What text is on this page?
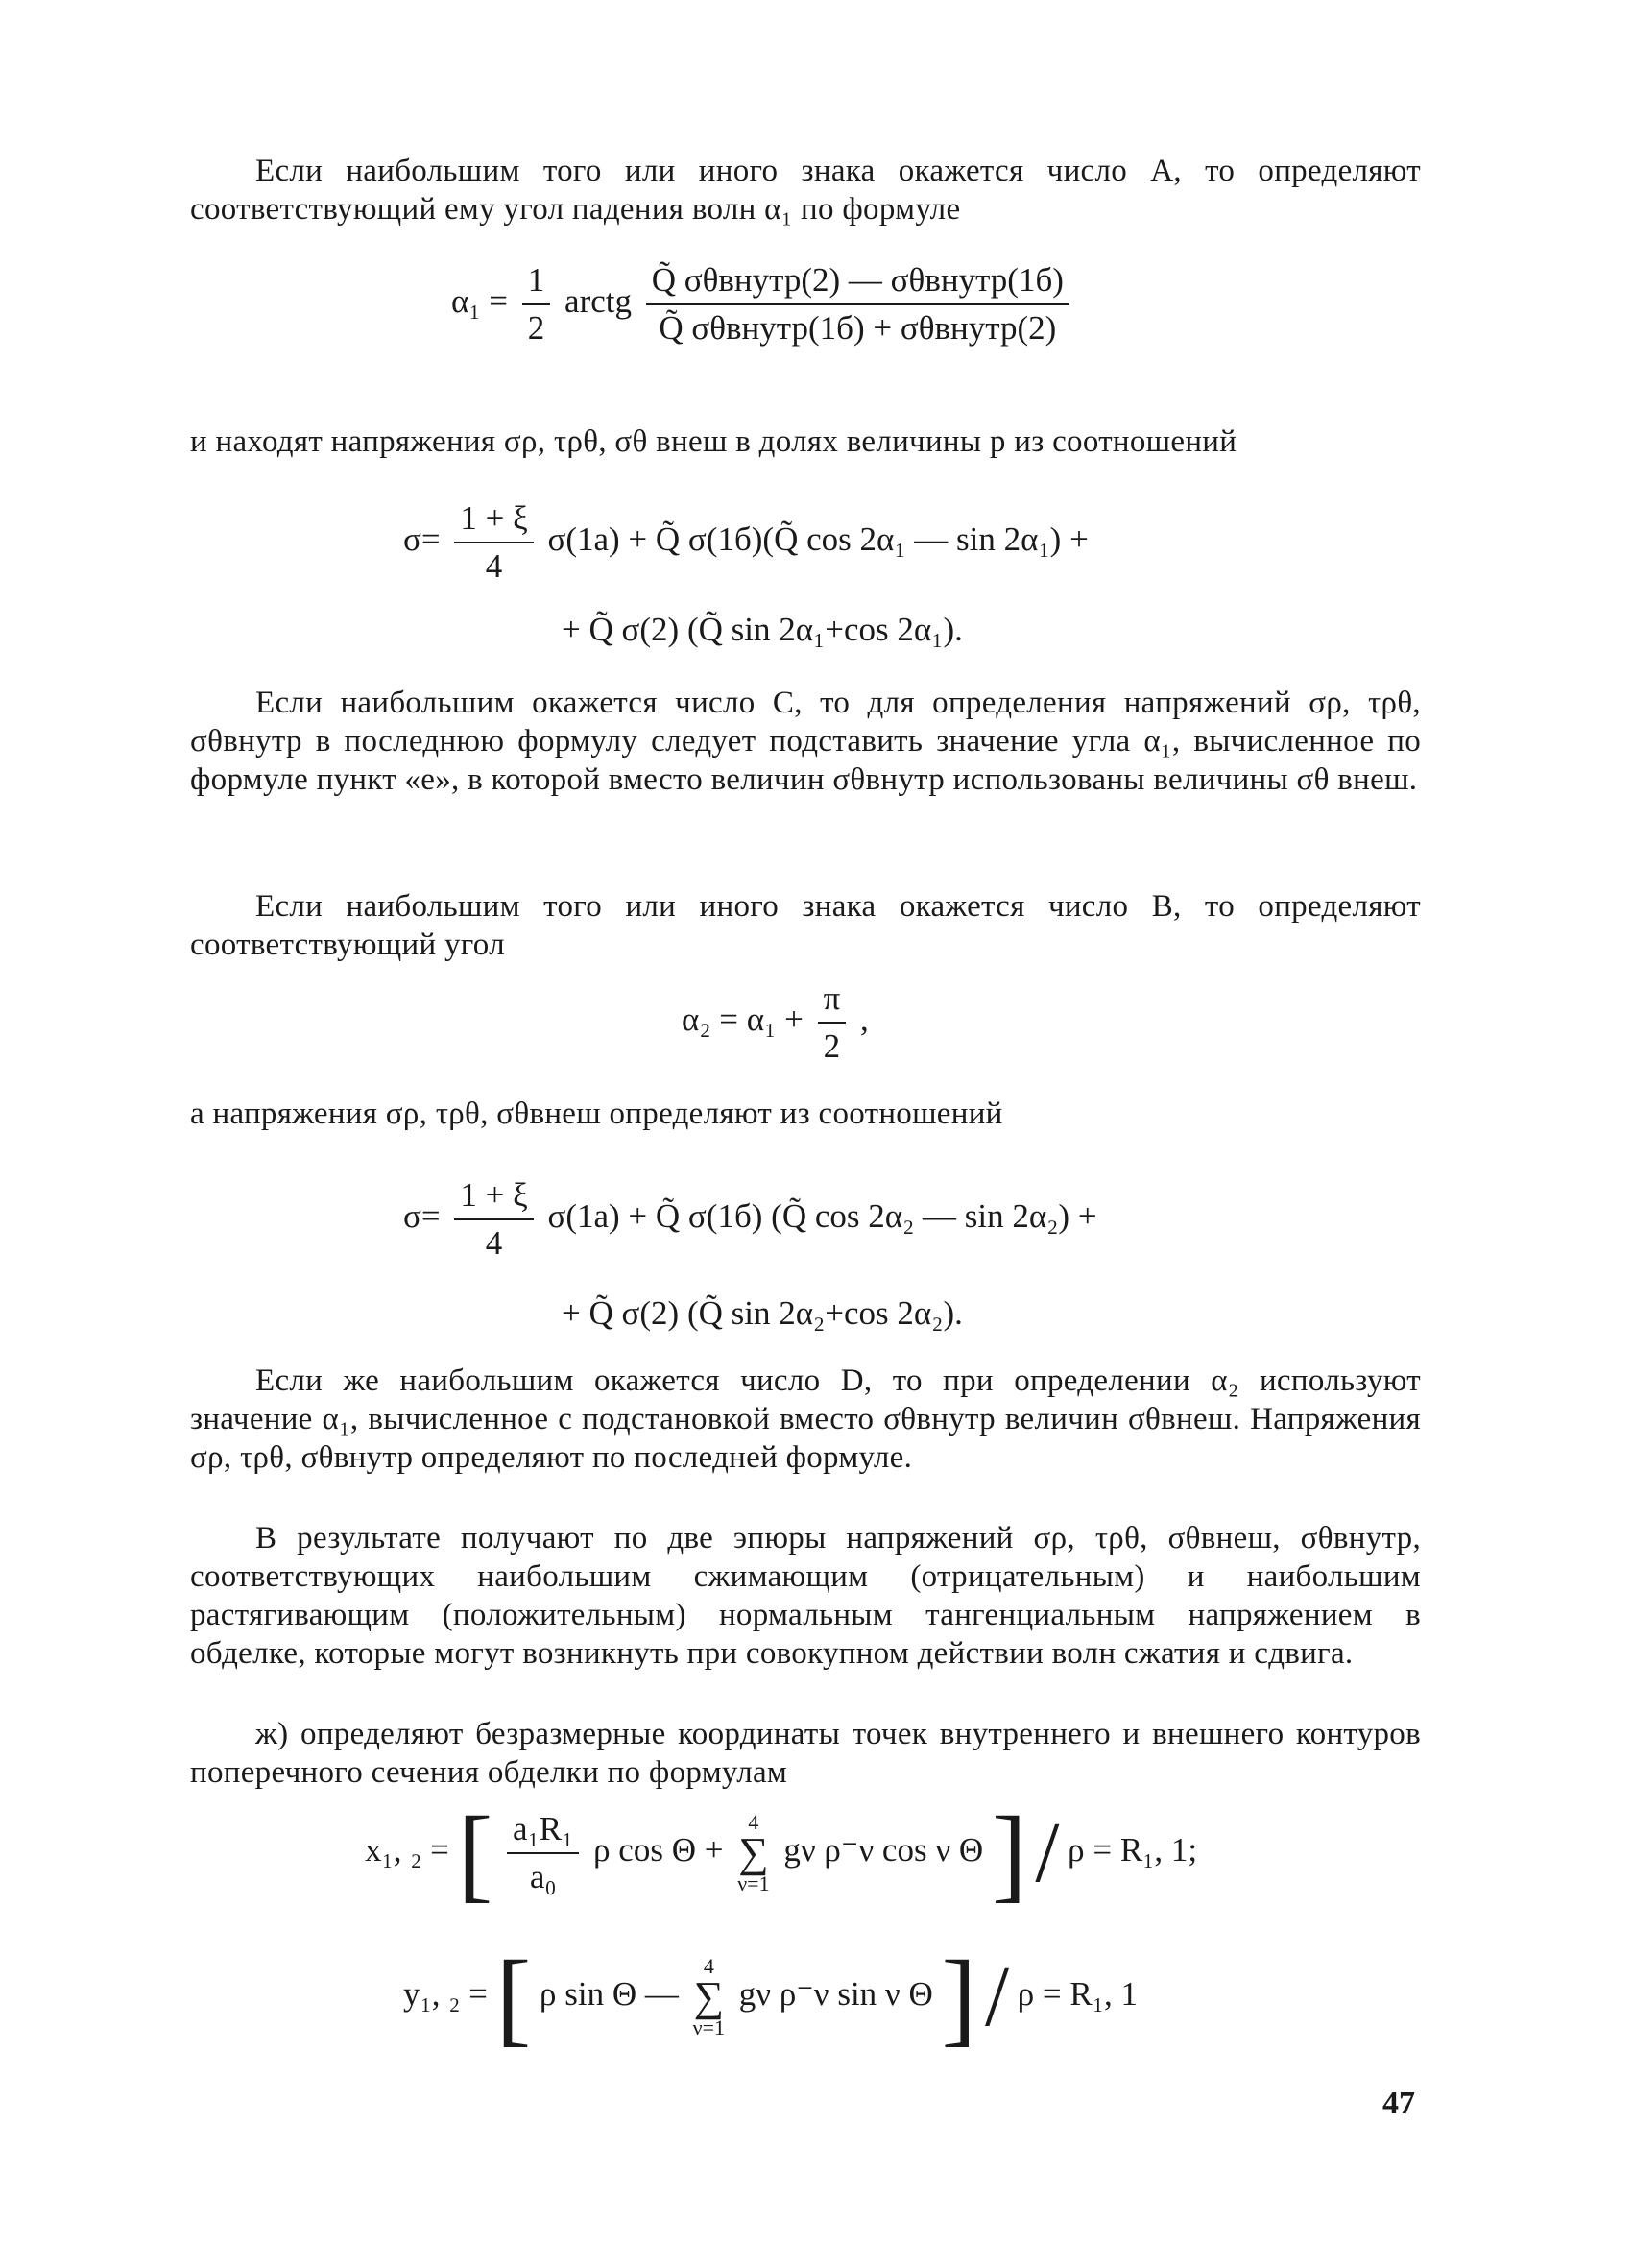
Если наибольшим того или иного знака окажется число A, то определяют соответствующий ему угол падения волн α₁ по формуле

$\alpha_1 = \frac{1}{2}$ arctg $\frac{\text{Q̃ σθвнутр(2) — σθвнутр(1б)}}{\text{Q̃ σθвнутр(1б) + σθвнутр(2)}}$

и находят напряжения σρ, τρθ, σθ внеш в долях величины p из соотношений

$\sigma= \frac{1 + \xi}{4} \sigma(1a)$ + Q̃ σ(1б)(Q̃ cos 2α₁ — sin 2α₁) +
+ Q̃ σ(2) (Q̃ sin 2α₁+cos 2α₁).

Если наибольшим окажется число C, то для определения напряжений σρ, τρθ, σθвнутр в последнюю формулу следует подставить значение угла α₁, вычисленное по формуле пункт «е», в которой вместо величин σθвнутр использованы величины σθ внеш.

Если наибольшим того или иного знака окажется число B, то определяют соответствующий угол

$\alpha_2 = \alpha_1 + \frac{\pi}{2}$ ,

а напряжения σρ, τρθ, σθвнеш определяют из соотношений

$\sigma= \frac{1 + \xi}{4} \sigma(1a)$ + Q̃ σ(1б) (Q̃ cos 2α₂ — sin 2α₂) +
+ Q̃ σ(2) (Q̃ sin 2α₂+cos 2α₂).

Если же наибольшим окажется число D, то при определении α₂ используют значение α₁, вычисленное с подстановкой вместо σθвнутр величин σθвнеш. Напряжения σρ, τρθ, σθвнутр определяют по последней формуле.

В результате получают по две эпюры напряжений σρ, τρθ, σθвнеш, σθвнутр, соответствующих наибольшим сжимающим (отрицательным) и наибольшим растягивающим (положительным) нормальным тангенциальным напряжением в обделке, которые могут возникнуть при совокупном действии волн сжатия и сдвига.

ж) определяют безразмерные координаты точек внутреннего и внешнего контуров поперечного сечения обделки по формулам

x₁, ₂ = [ $\frac{\text{a₁R₁}}{\text{a₀}}$ ρ cos Θ + 4
∑
ν=1 gν ρ⁻ν cos ν Θ ] / ρ = R₁, 1;
y₁, ₂ = [ ρ sin Θ — 4
∑
ν=1 gν ρ⁻ν sin ν Θ ] / ρ = R₁, 1
47
